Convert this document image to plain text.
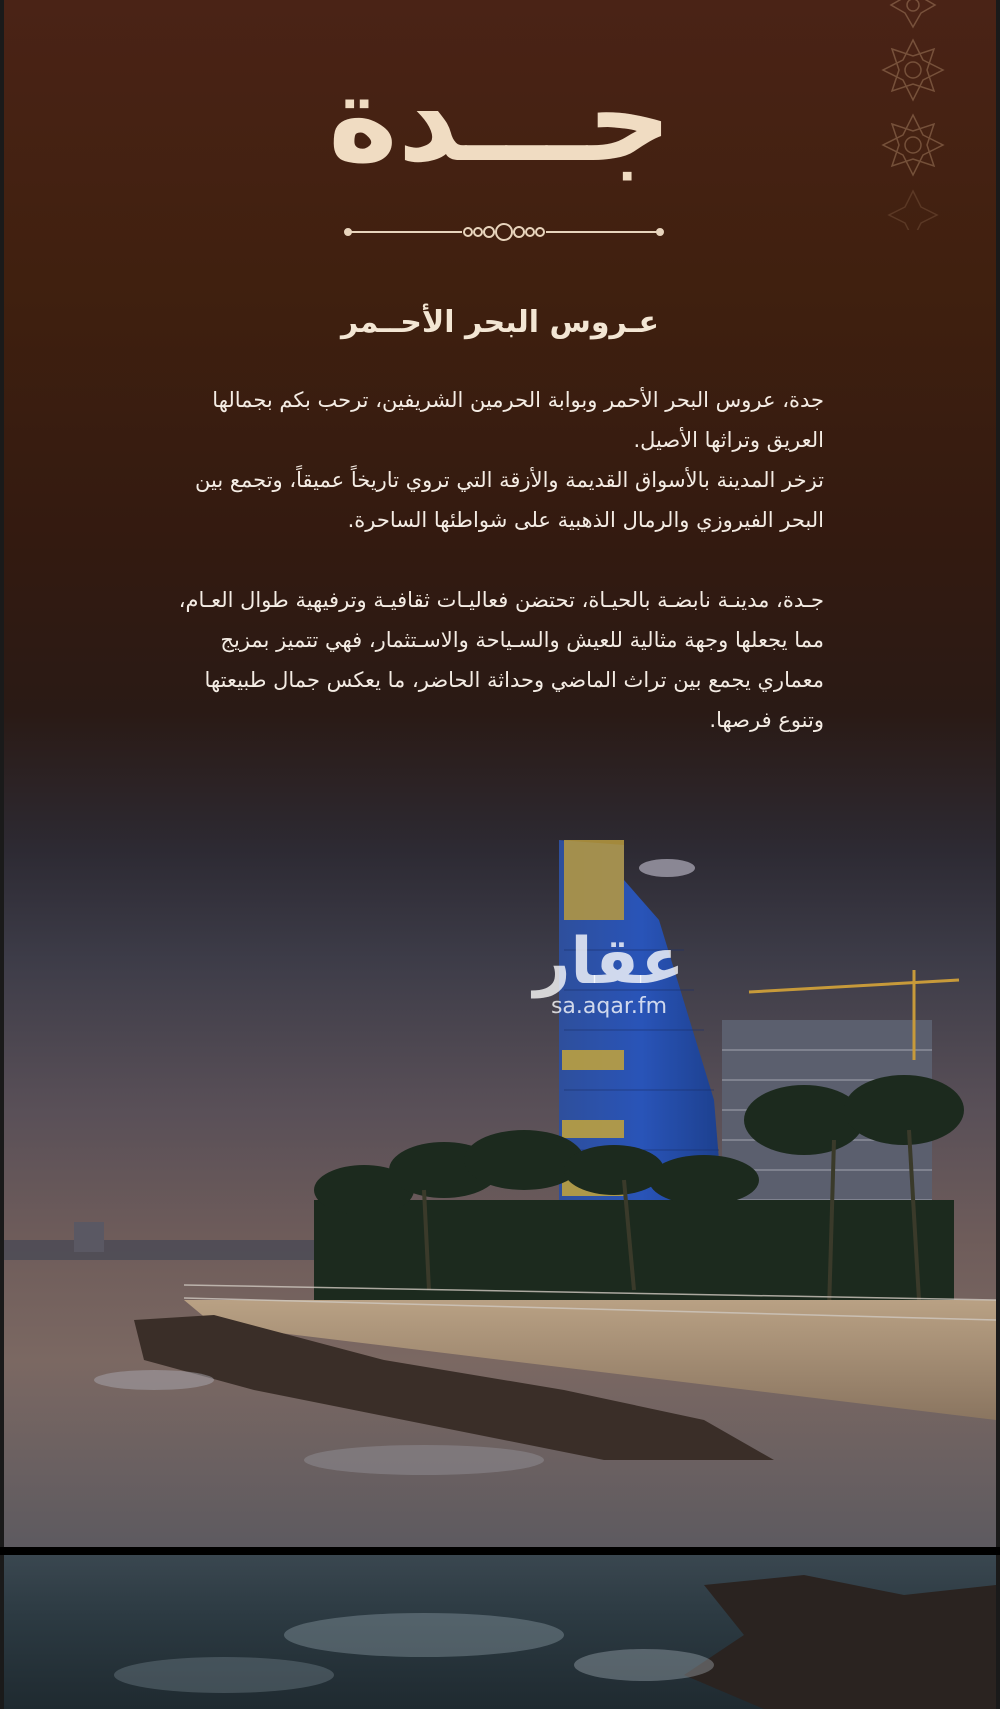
جـــدة
عـروس البحر الأحــمر
جدة، عروس البحر الأحمر وبوابة الحرمين الشريفين، ترحب بكم بجمالها العريق وتراثها الأصيل.
تزخر المدينة بالأسواق القديمة والأزقة التي تروي تاريخاً عميقاً، وتجمع بين البحر الفيروزي والرمال الذهبية على شواطئها الساحرة.
جـدة، مدينـة نابضـة بالحيـاة، تحتضن فعاليـات ثقافيـة وترفيهية طوال العـام، مما يجعلها وجهة مثالية للعيش والسـياحة والاسـتثمار، فهي تتميز بمزيج معماري يجمع بين تراث الماضي وحداثة الحاضر، ما يعكس جمال طبيعتها وتنوع فرصها.
عقار
sa.aqar.fm
